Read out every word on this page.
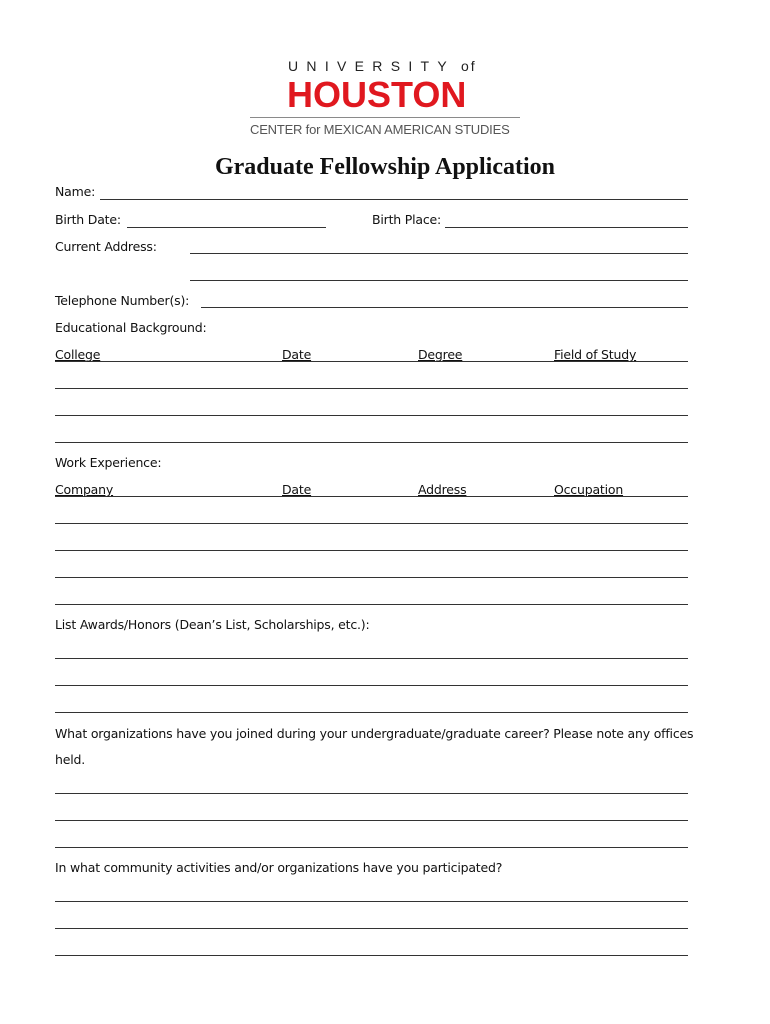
UNIVERSITY of
HOUSTON
CENTER for MEXICAN AMERICAN STUDIES
Graduate Fellowship Application
Name:
Birth Date:	Birth Place:
Current Address:
Telephone Number(s):
Educational Background:
College	Date	Degree	Field of Study
Work Experience:
Company	Date	Address	Occupation
List Awards/Honors (Dean’s List, Scholarships, etc.):
What organizations have you joined during your undergraduate/graduate career? Please note any offices
held.
In what community activities and/or organizations have you participated?
